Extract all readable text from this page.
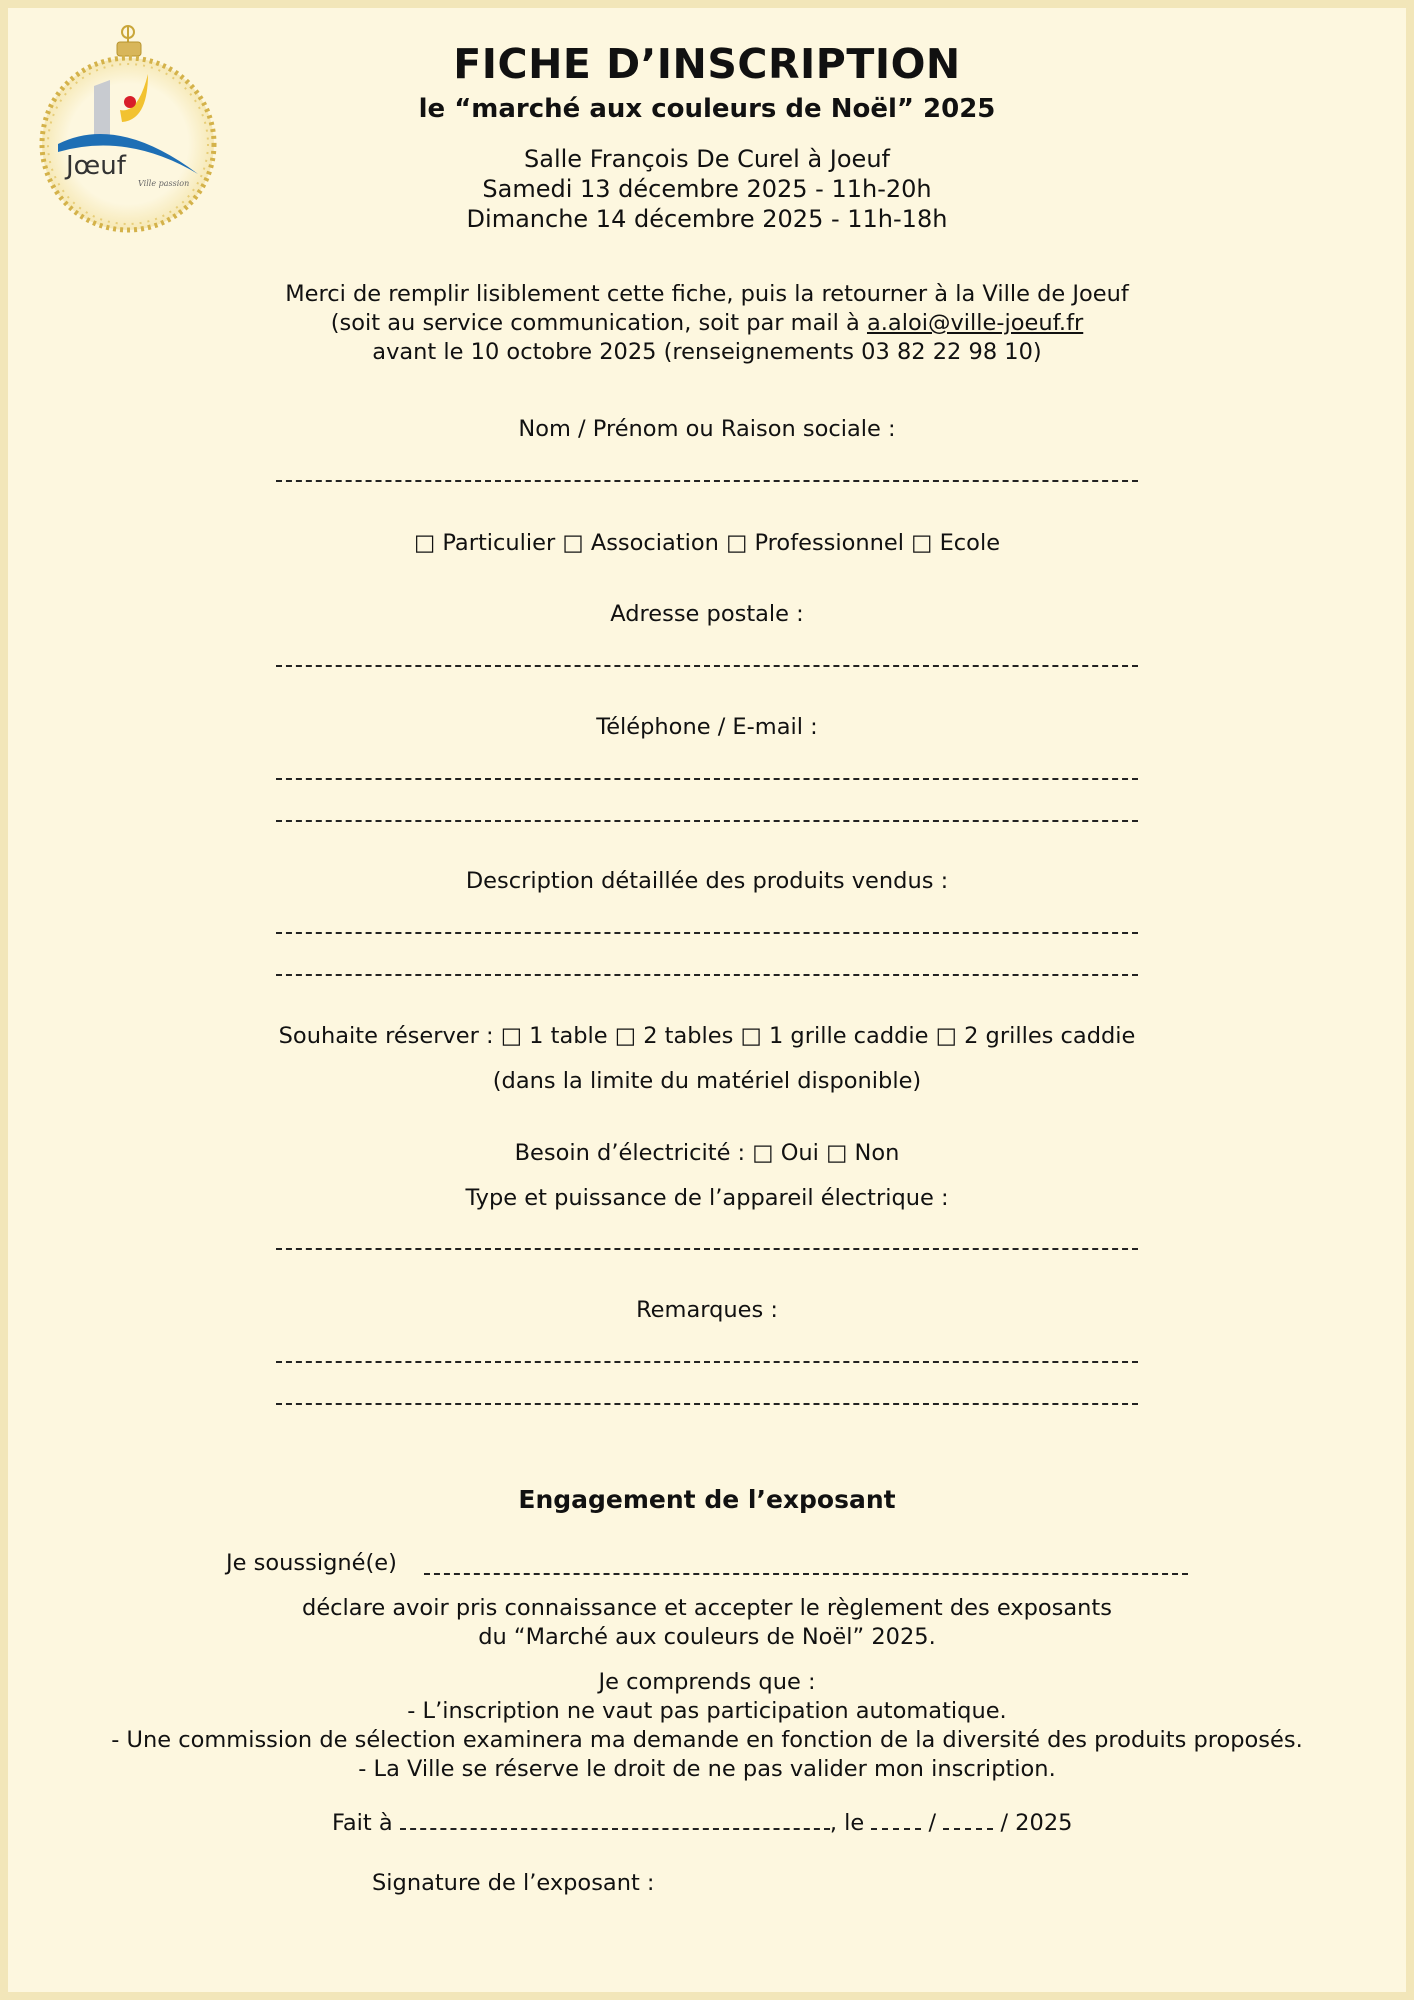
Jœuf
Ville passion
FICHE D’INSCRIPTION
le “marché aux couleurs de Noël” 2025
Salle François De Curel à Joeuf
Samedi 13 décembre 2025 - 11h-20h
Dimanche 14 décembre 2025 - 11h-18h
Merci de remplir lisiblement cette fiche, puis la retourner à la Ville de Joeuf
(soit au service communication, soit par mail à a.aloi@ville-joeuf.fr
avant le 10 octobre 2025 (renseignements 03 82 22 98 10)
Nom / Prénom ou Raison sociale :
□ Particulier □ Association □ Professionnel □ Ecole
Adresse postale :
Téléphone / E-mail :
Description détaillée des produits vendus :
Souhaite réserver : □ 1 table □ 2 tables □ 1 grille caddie □ 2 grilles caddie
(dans la limite du matériel disponible)
Besoin d’électricité : □ Oui □ Non
Type et puissance de l’appareil électrique :
Remarques :
Engagement de l’exposant
Je soussigné(e)
déclare avoir pris connaissance et accepter le règlement des exposants
du “Marché aux couleurs de Noël” 2025.
Je comprends que :
- L’inscription ne vaut pas participation automatique.
- Une commission de sélection examinera ma demande en fonction de la diversité des produits proposés.
- La Ville se réserve le droit de ne pas valider mon inscription.
Fait à	, le	/	/ 2025
Signature de l’exposant :
